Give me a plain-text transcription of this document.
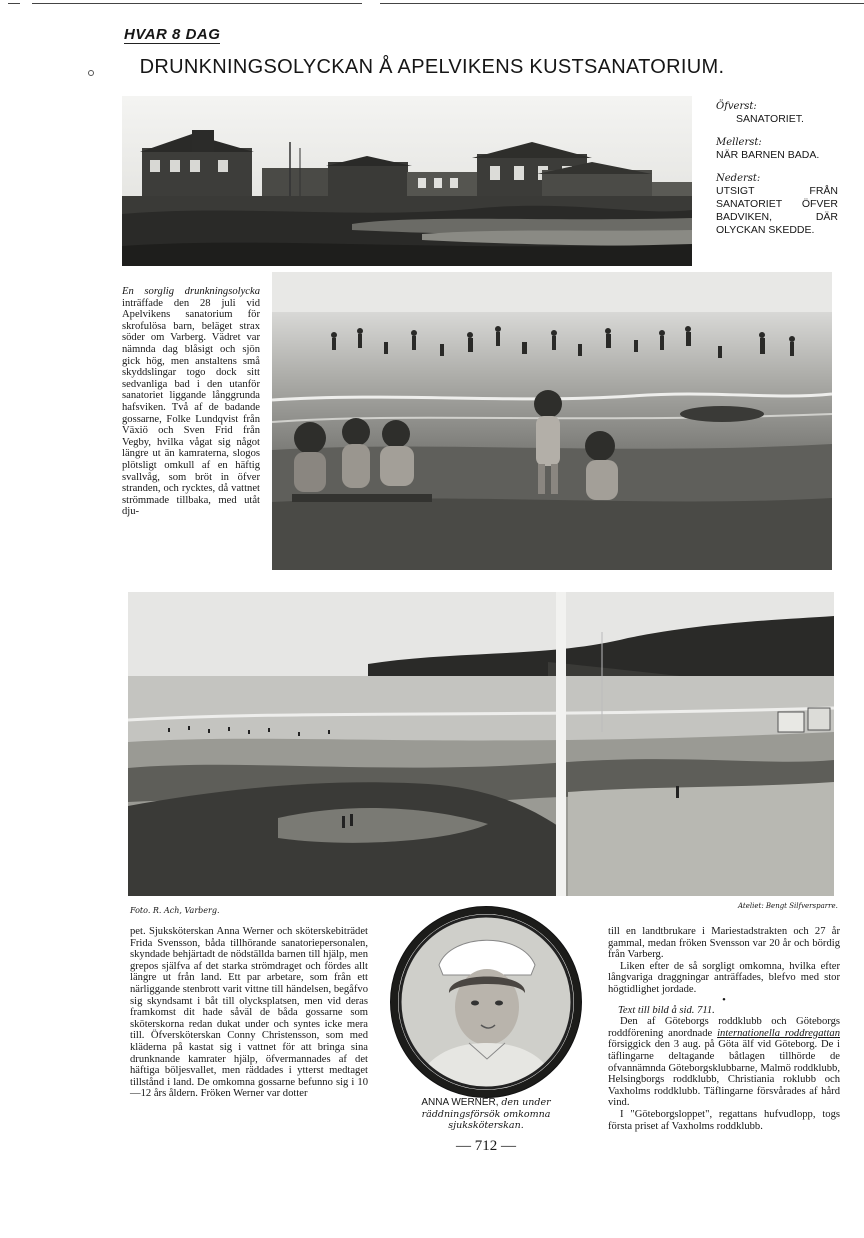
HVAR 8 DAG
DRUNKNINGSOLYCKAN Å APELVIKENS KUSTSANATORIUM.
Öfverst:
SANATORIET.
Mellerst:
NÄR BARNEN BADA.
Nederst:
UTSIGT FRÅN SANATORIET ÖFVER BADVIKEN, DÄR OLYCKAN SKEDDE.

En sorglig drunkningsolycka inträffade den 28 juli vid Apelvikens sanatorium för skrofulösa barn, beläget strax söder om Varberg. Vädret var nämnda dag blåsigt och sjön gick hög, men anstaltens små skyddslingar togo dock sitt sedvanliga bad i den utanför sanatoriet liggande långgrunda hafsviken. Två af de badande gossarne, Folke Lundqvist från Växiö och Sven Frid från Vegby, hvilka vågat sig något längre ut än kamraterna, slogos plötsligt omkull af en häftig svallvåg, som bröt in öfver stranden, och rycktes, då vattnet strömmade tillbaka, med utåt dju-

Foto. R. Ach, Varberg.	Ateliet: Bengt Silfversparre.

pet. Sjuksköterskan Anna Werner och sköterskebiträdet Frida Svensson, båda tillhörande sanatoriepersonalen, skyndade behjärtadt de nödställda barnen till hjälp, men grepos själfva af det starka strömdraget och fördes allt längre ut från land. Ett par arbetare, som från ett närliggande stenbrott varit vittne till händelsen, begåfvo sig skyndsamt i båt till olycksplatsen, men vid deras framkomst dit hade såväl de båda gossarne som sköterskorna redan dukat under och syntes icke mera till. Öfversköterskan Conny Christensson, som med kläderna på kastat sig i vattnet för att bringa sina drunknande kamrater hjälp, öfvermannades af det häftiga böljesvallet, men räddades i ytterst medtaget tillstånd i land. De omkomna gossarne befunno sig i 10—12 års åldern. Fröken Werner var dotter

ANNA WERNER, den under räddningsförsök omkomna sjuksköterskan.

till en landtbrukare i Mariestadstrakten och 27 år gammal, medan fröken Svensson var 20 år och bördig från Varberg.

Liken efter de så sorgligt omkomna, hvilka efter långvariga draggningar anträffades, blefvo med stor högtidlighet jordade.

•

Text till bild å sid. 711.

Den af Göteborgs roddklubb och Göteborgs roddförening anordnade internationella roddregattan försiggick den 3 aug. på Göta älf vid Göteborg. De i täflingarne deltagande båtlagen tillhörde de ofvannämnda Göteborgsklubbarne, Malmö roddklubb, Helsingborgs roddklubb, Christiania roklubb och Vaxholms roddklubb. Täflingarne försvårades af hård vind.

I "Göteborgsloppet", regattans hufvudlopp, togs första priset af Vaxholms roddklubb.

— 712 —
